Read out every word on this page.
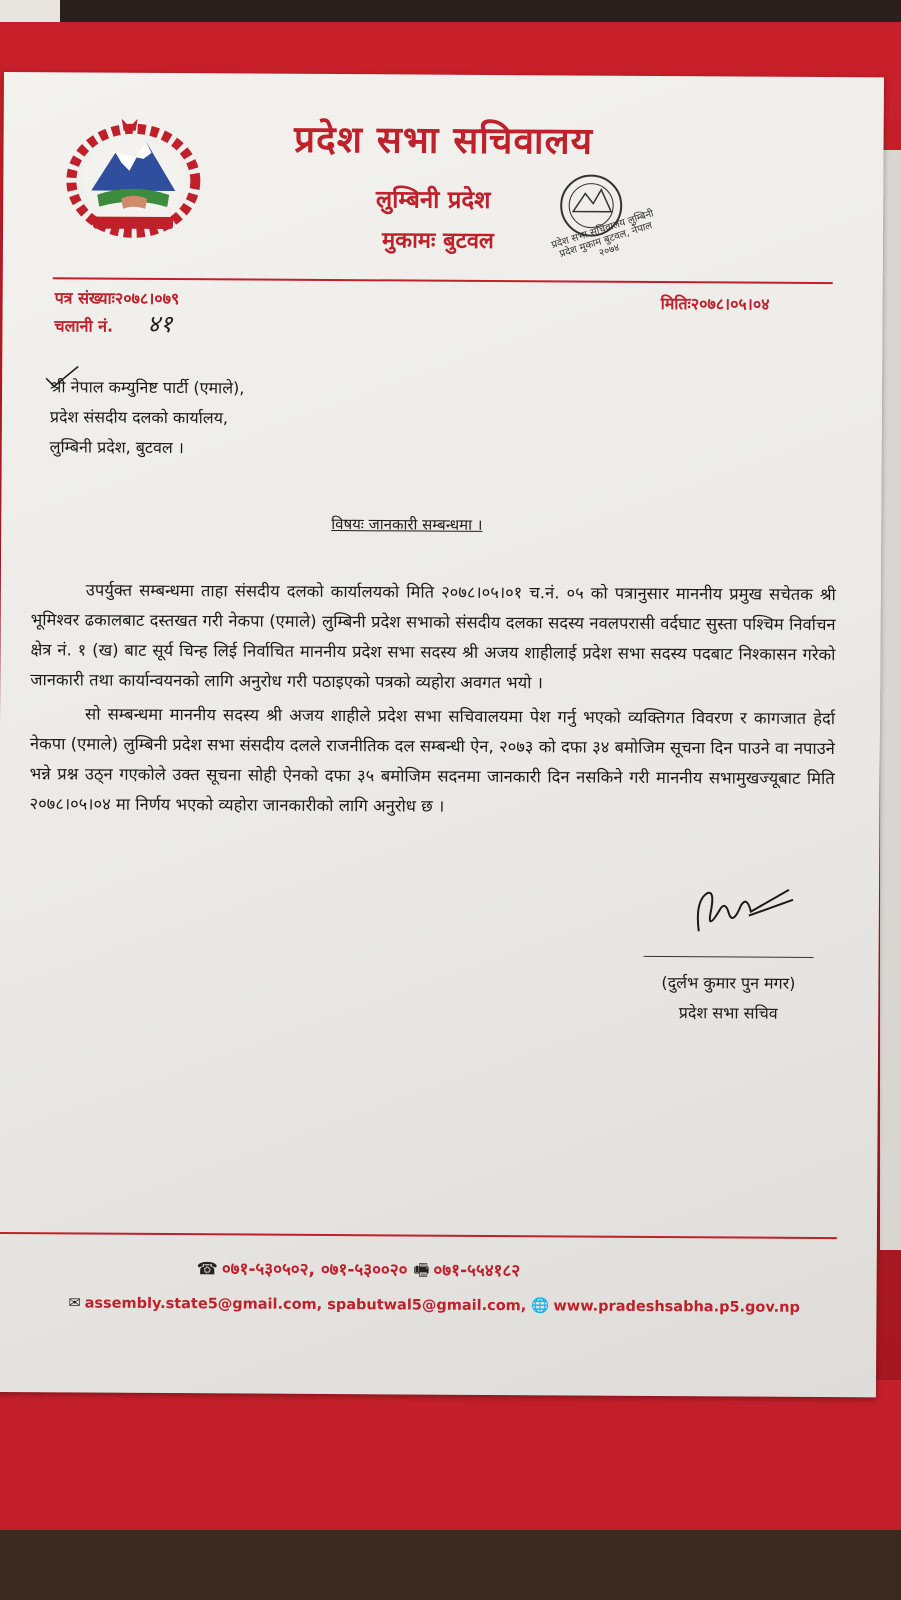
प्रदेश सभा सचिवालय
लुम्बिनी प्रदेश
मुकामः बुटवल	प्रदेश सभा सचिवालय लुम्बिनी प्रदेश मुकाम बुटवल, नेपाल २०७४
पत्र संख्याः२०७८।०७९
चलानी नं. ४१
मितिः२०७८।०५।०४
श्री नेपाल कम्युनिष्ट पार्टी (एमाले),
प्रदेश संसदीय दलको कार्यालय,
लुम्बिनी प्रदेश, बुटवल ।
विषयः जानकारी सम्बन्धमा ।

उपर्युक्त सम्बन्धमा ताहा संसदीय दलको कार्यालयको मिति २०७८।०५।०१ च.नं. ०५ को पत्रानुसार माननीय प्रमुख सचेतक श्री भूमिश्वर ढकालबाट दस्तखत गरी नेकपा (एमाले) लुम्बिनी प्रदेश सभाको संसदीय दलका सदस्य नवलपरासी वर्दघाट सुस्ता पश्चिम निर्वाचन क्षेत्र नं. १ (ख) बाट सूर्य चिन्ह लिई निर्वाचित माननीय प्रदेश सभा सदस्य श्री अजय शाहीलाई प्रदेश सभा सदस्य पदबाट निश्कासन गरेको जानकारी तथा कार्यान्वयनको लागि अनुरोध गरी पठाइएको पत्रको व्यहोरा अवगत भयो ।

सो सम्बन्धमा माननीय सदस्य श्री अजय शाहीले प्रदेश सभा सचिवालयमा पेश गर्नु भएको व्यक्तिगत विवरण र कागजात हेर्दा नेकपा (एमाले) लुम्बिनी प्रदेश सभा संसदीय दलले राजनीतिक दल सम्बन्धी ऐन, २०७३ को दफा ३४ बमोजिम सूचना दिन पाउने वा नपाउने भन्ने प्रश्न उठ्न गएकोले उक्त सूचना सोही ऐनको दफा ३५ बमोजिम सदनमा जानकारी दिन नसकिने गरी माननीय सभामुखज्यूबाट मिति २०७८।०५।०४ मा निर्णय भएको व्यहोरा जानकारीको लागि अनुरोध छ ।

(दुर्लभ कुमार पुन मगर)
प्रदेश सभा सचिव
☎ ०७१-५३०५०२, ०७१-५३००२० 🖷 ०७१-५५४१८२
✉ assembly.state5@gmail.com, spabutwal5@gmail.com, 🌐 www.pradeshsabha.p5.gov.np
